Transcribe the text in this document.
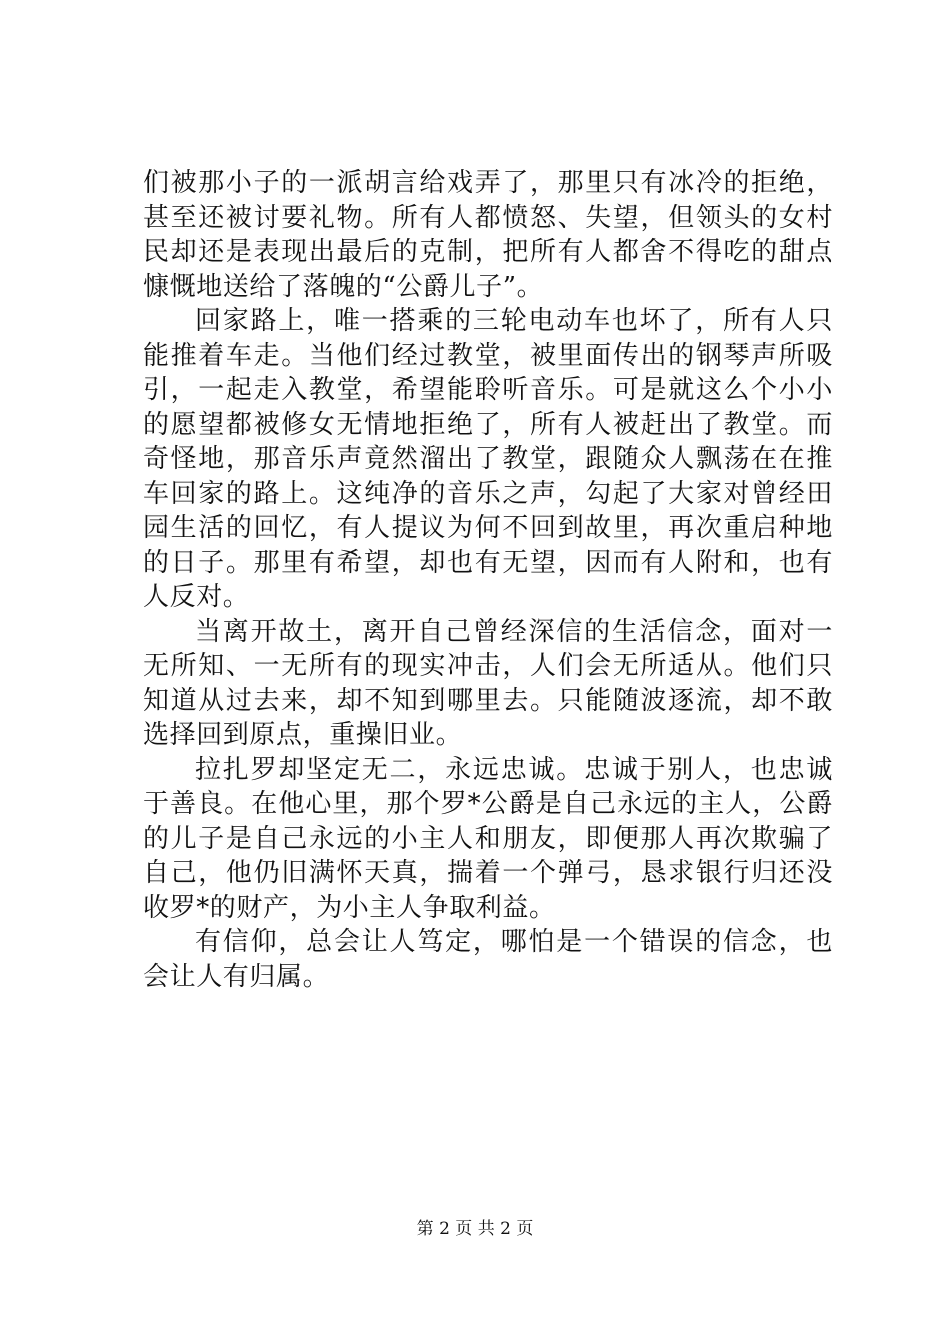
们被那小子的一派胡言给戏弄了，那里只有冰冷的拒绝，甚至还被讨要礼物。所有人都愤怒、失望，但领头的女村民却还是表现出最后的克制，把所有人都舍不得吃的甜点慷慨地送给了落魄的“公爵儿子”。

回家路上，唯一搭乘的三轮电动车也坏了，所有人只能推着车走。当他们经过教堂，被里面传出的钢琴声所吸引，一起走入教堂，希望能聆听音乐。可是就这么个小小的愿望都被修女无情地拒绝了，所有人被赶出了教堂。而奇怪地，那音乐声竟然溜出了教堂，跟随众人飘荡在在推车回家的路上。这纯净的音乐之声，勾起了大家对曾经田园生活的回忆，有人提议为何不回到故里，再次重启种地的日子。那里有希望，却也有无望，因而有人附和，也有人反对。

当离开故土，离开自己曾经深信的生活信念，面对一无所知、一无所有的现实冲击，人们会无所适从。他们只知道从过去来，却不知到哪里去。只能随波逐流，却不敢选择回到原点，重操旧业。

拉扎罗却坚定无二，永远忠诚。忠诚于别人，也忠诚于善良。在他心里，那个罗*公爵是自己永远的主人，公爵的儿子是自己永远的小主人和朋友，即便那人再次欺骗了自己，他仍旧满怀天真，揣着一个弹弓，恳求银行归还没收罗*的财产，为小主人争取利益。

有信仰，总会让人笃定，哪怕是一个错误的信念，也会让人有归属。

第 2 页 共 2 页
